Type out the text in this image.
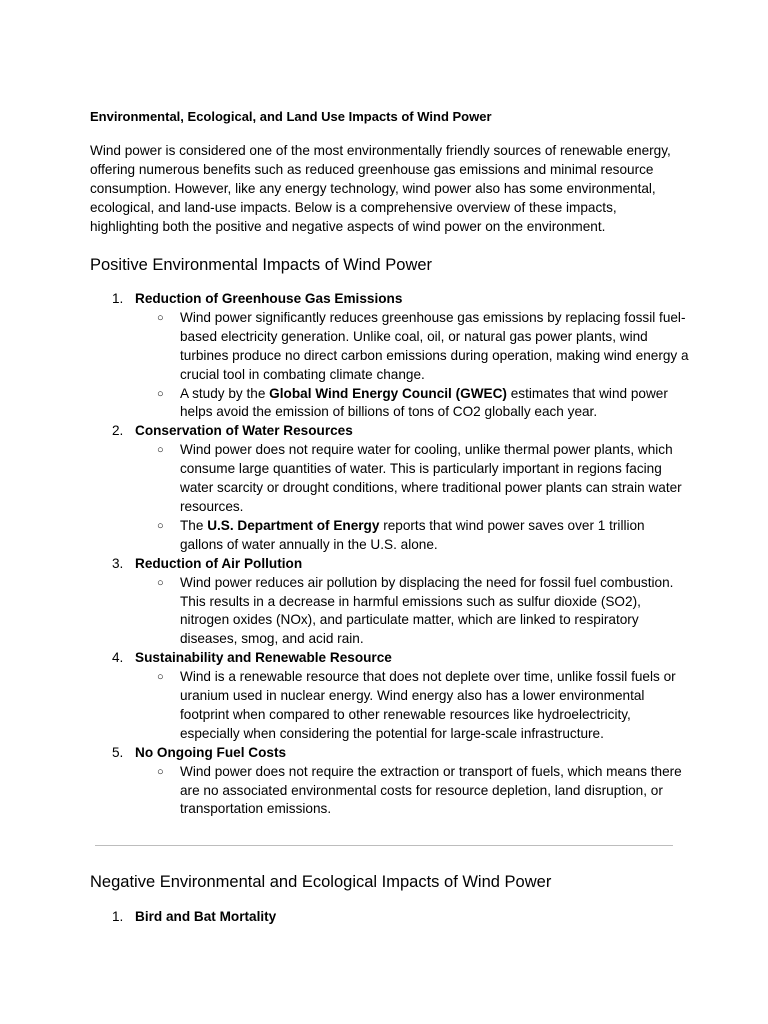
Environmental, Ecological, and Land Use Impacts of Wind Power

Wind power is considered one of the most environmentally friendly sources of renewable energy, offering numerous benefits such as reduced greenhouse gas emissions and minimal resource consumption. However, like any energy technology, wind power also has some environmental, ecological, and land-use impacts. Below is a comprehensive overview of these impacts, highlighting both the positive and negative aspects of wind power on the environment.

Positive Environmental Impacts of Wind Power
1. Reduction of Greenhouse Gas Emissions
○ Wind power significantly reduces greenhouse gas emissions by replacing fossil fuel-based electricity generation. Unlike coal, oil, or natural gas power plants, wind turbines produce no direct carbon emissions during operation, making wind energy a crucial tool in combating climate change.
○ A study by the Global Wind Energy Council (GWEC) estimates that wind power helps avoid the emission of billions of tons of CO2 globally each year.
2. Conservation of Water Resources
○ Wind power does not require water for cooling, unlike thermal power plants, which consume large quantities of water. This is particularly important in regions facing water scarcity or drought conditions, where traditional power plants can strain water resources.
○ The U.S. Department of Energy reports that wind power saves over 1 trillion gallons of water annually in the U.S. alone.
3. Reduction of Air Pollution
○ Wind power reduces air pollution by displacing the need for fossil fuel combustion. This results in a decrease in harmful emissions such as sulfur dioxide (SO2), nitrogen oxides (NOx), and particulate matter, which are linked to respiratory diseases, smog, and acid rain.
4. Sustainability and Renewable Resource
○ Wind is a renewable resource that does not deplete over time, unlike fossil fuels or uranium used in nuclear energy. Wind energy also has a lower environmental footprint when compared to other renewable resources like hydroelectricity, especially when considering the potential for large-scale infrastructure.
5. No Ongoing Fuel Costs
○ Wind power does not require the extraction or transport of fuels, which means there are no associated environmental costs for resource depletion, land disruption, or transportation emissions.
Negative Environmental and Ecological Impacts of Wind Power
1. Bird and Bat Mortality
